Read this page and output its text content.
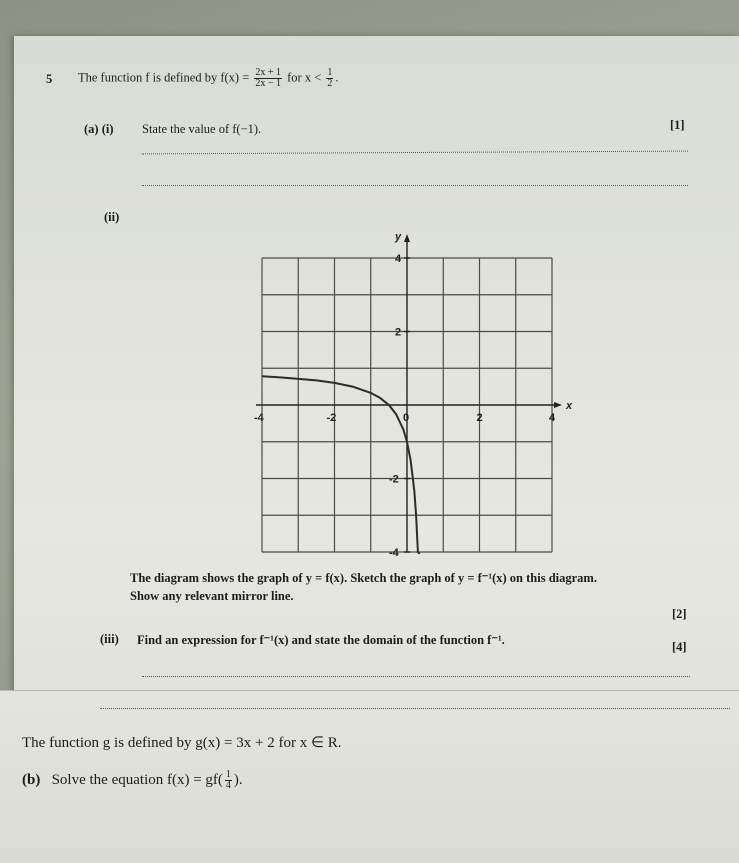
5 The function f is defined by $f(x) = \frac{2x + 1}{2x - 1}$ for $x < \frac{1}{2}$ .
(a) (i) State the value of f(−1).	[1]
(ii)
x
y
-4	-2	0	2	4
4
2
-2
-4
The diagram shows the graph of y = f(x). Sketch the graph of y = f⁻¹(x) on this diagram.
Show any relevant mirror line.
[2]
(iii) Find an expression for f⁻¹(x) and state the domain of the function f⁻¹.	[4]
The function g is defined by g(x) = 3x + 2 for x ∈ R.
(b) Solve the equation $f(x) = gf( \frac{1}{4}$ ).
